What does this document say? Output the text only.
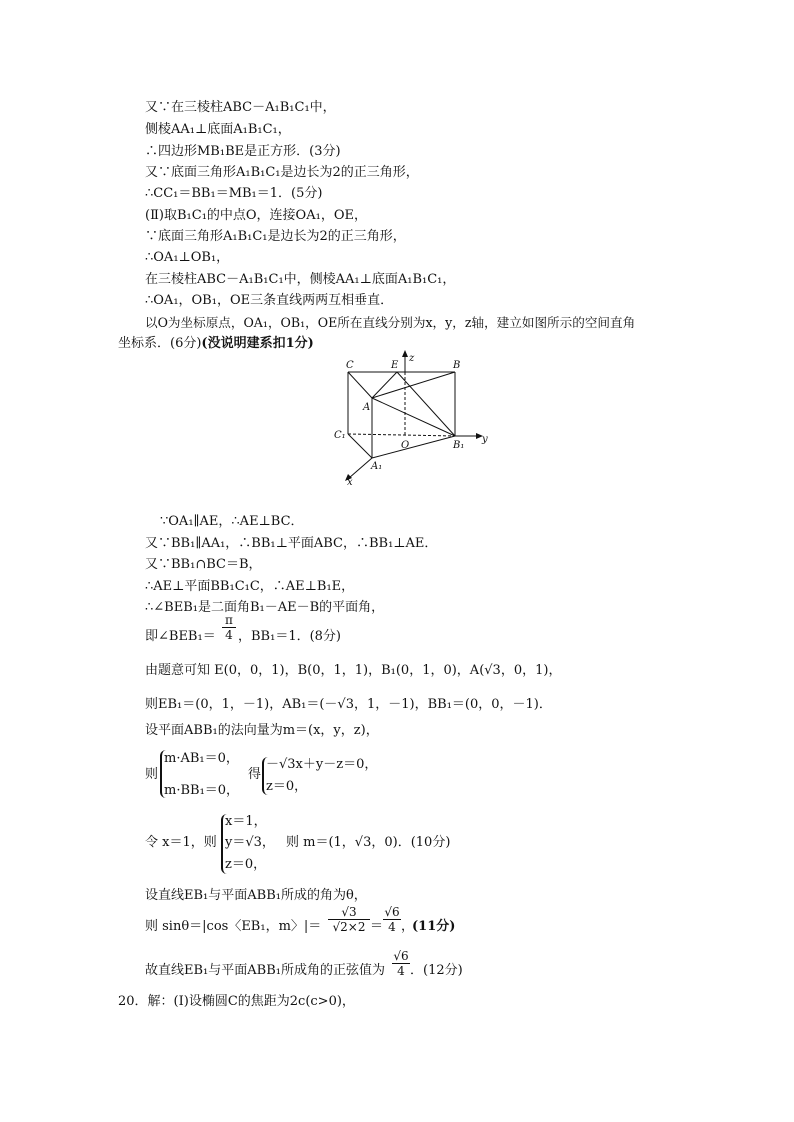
又∵在三棱柱ABC－A₁B₁C₁中，
侧棱AA₁⊥底面A₁B₁C₁，
∴四边形MB₁BE是正方形．(3分)
又∵底面三角形A₁B₁C₁是边长为2的正三角形，
∴CC₁＝BB₁＝MB₁＝1．(5分)
(Ⅱ)取B₁C₁的中点O，连接OA₁，OE，
∵底面三角形A₁B₁C₁是边长为2的正三角形，
∴OA₁⊥OB₁，
在三棱柱ABC－A₁B₁C₁中，侧棱AA₁⊥底面A₁B₁C₁，
∴OA₁，OB₁，OE三条直线两两互相垂直．
以O为坐标原点，OA₁，OB₁，OE所在直线分别为x，y，z轴，建立如图所示的空间直角
坐标系．(6分)(没说明建系扣1分)
C	E	B
A
C₁
O	B₁
A₁
y
z
x
∵OA₁∥AE，∴AE⊥BC．
又∵BB₁∥AA₁，∴BB₁⊥平面ABC，∴BB₁⊥AE．
又∵BB₁∩BC＝B，
∴AE⊥平面BB₁C₁C，∴AE⊥B₁E，
∴∠BEB₁是二面角B₁－AE－B的平面角，
即∠BEB₁＝ $\frac{\pi}{4}$ ，BB₁＝1．(8分)
由题意可知 E(0，0，1)，B(0，1，1)，B₁(0，1，0)，A(√3，0，1)，
则EB₁＝(0，1，－1)，AB₁＝(－√3，1，－1)，BB₁＝(0，0，－1)．
设平面ABB₁的法向量为m＝(x，y，z)，
则
m·AB₁＝0，
m·BB₁＝0，
得
－√3x＋y－z＝0，
z＝0，
令 x＝1，则
x＝1，
y＝√3，
z＝0，
则 m＝(1，√3，0)．(10分)
设直线EB₁与平面ABB₁所成的角为θ，
则 sinθ＝|cos〈EB₁，m〉|＝ $\frac{√3}{√2\times 2} = \frac{√6}{4}$ ，
(11分)
故直线EB₁与平面ABB₁所成角的正弦值为 $\frac{√6}{4}$ ．(12分)
20．解：(Ⅰ)设椭圆C的焦距为2c(c>0)，
